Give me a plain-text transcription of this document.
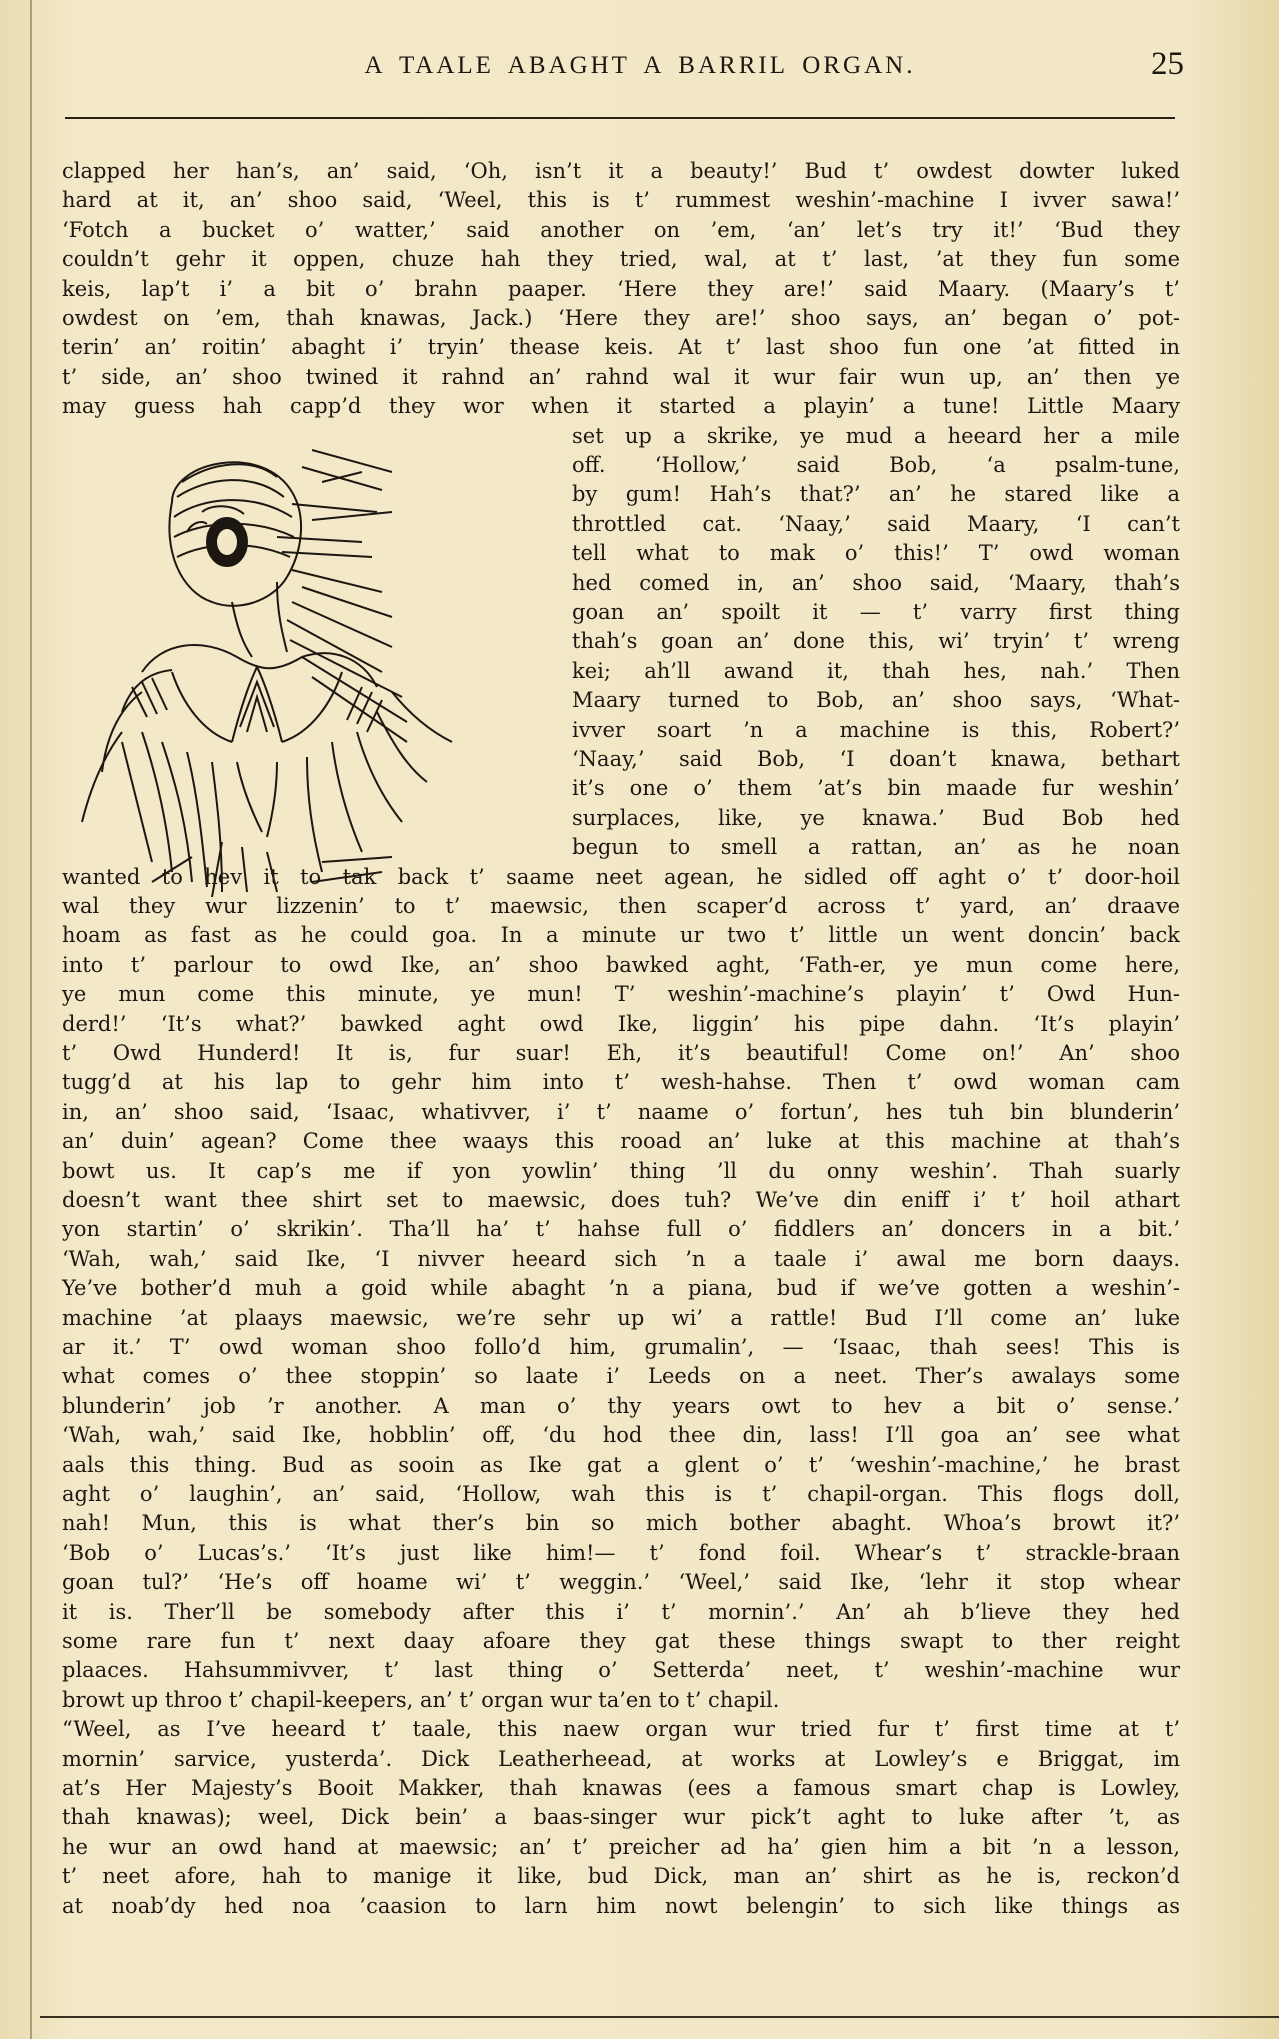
A TAALE ABAGHT A BARRIL ORGAN.	25
clapped her han’s, an’ said, ‘Oh, isn’t it a beauty!’ Bud t’ owdest dowter luked
hard at it, an’ shoo said, ‘Weel, this is t’ rummest weshin’-machine I ivver sawa!’
‘Fotch a bucket o’ watter,’ said another on ’em, ‘an’ let’s try it!’ ‘Bud they
couldn’t gehr it oppen, chuze hah they tried, wal, at t’ last, ’at they fun some
keis, lap’t i’ a bit o’ brahn paaper. ‘Here they are!’ said Maary. (Maary’s t’
owdest on ’em, thah knawas, Jack.) ‘Here they are!’ shoo says, an’ began o’ pot-
terin’ an’ roitin’ abaght i’ tryin’ thease keis. At t’ last shoo fun one ’at fitted in
t’ side, an’ shoo twined it rahnd an’ rahnd wal it wur fair wun up, an’ then ye
may guess hah capp’d they wor when it started a playin’ a tune! Little Maary
set up a skrike, ye mud a heeard her a mile
off. ‘Hollow,’ said Bob, ‘a psalm-tune,
by gum! Hah’s that?’ an’ he stared like a
throttled cat. ‘Naay,’ said Maary, ‘I can’t
tell what to mak o’ this!’ T’ owd woman
hed comed in, an’ shoo said, ‘Maary, thah’s
goan an’ spoilt it — t’ varry first thing
thah’s goan an’ done this, wi’ tryin’ t’ wreng
kei; ah’ll awand it, thah hes, nah.’ Then
Maary turned to Bob, an’ shoo says, ‘What-
ivver soart ’n a machine is this, Robert?’
‘Naay,’ said Bob, ‘I doan’t knawa, bethart
it’s one o’ them ’at’s bin maade fur weshin’
surplaces, like, ye knawa.’ Bud Bob hed
begun to smell a rattan, an’ as he noan
wanted to hev it to tak back t’ saame neet agean, he sidled off aght o’ t’ door-hoil
wal they wur lizzenin’ to t’ maewsic, then scaper’d across t’ yard, an’ draave
hoam as fast as he could goa. In a minute ur two t’ little un went doncin’ back
into t’ parlour to owd Ike, an’ shoo bawked aght, ‘Fath-er, ye mun come here,
ye mun come this minute, ye mun! T’ weshin’-machine’s playin’ t’ Owd Hun-
derd!’ ‘It’s what?’ bawked aght owd Ike, liggin’ his pipe dahn. ‘It’s playin’
t’ Owd Hunderd! It is, fur suar! Eh, it’s beautiful! Come on!’ An’ shoo
tugg’d at his lap to gehr him into t’ wesh-hahse. Then t’ owd woman cam
in, an’ shoo said, ‘Isaac, whativver, i’ t’ naame o’ fortun’, hes tuh bin blunderin’
an’ duin’ agean? Come thee waays this rooad an’ luke at this machine at thah’s
bowt us. It cap’s me if yon yowlin’ thing ’ll du onny weshin’. Thah suarly
doesn’t want thee shirt set to maewsic, does tuh? We’ve din eniff i’ t’ hoil athart
yon startin’ o’ skrikin’. Tha’ll ha’ t’ hahse full o’ fiddlers an’ doncers in a bit.’
‘Wah, wah,’ said Ike, ‘I nivver heeard sich ’n a taale i’ awal me born daays.
Ye’ve bother’d muh a goid while abaght ’n a piana, bud if we’ve gotten a weshin’-
machine ’at plaays maewsic, we’re sehr up wi’ a rattle! Bud I’ll come an’ luke
ar it.’ T’ owd woman shoo follo’d him, grumalin’, — ‘Isaac, thah sees! This is
what comes o’ thee stoppin’ so laate i’ Leeds on a neet. Ther’s awalays some
blunderin’ job ’r another. A man o’ thy years owt to hev a bit o’ sense.’
‘Wah, wah,’ said Ike, hobblin’ off, ‘du hod thee din, lass! I’ll goa an’ see what
aals this thing. Bud as sooin as Ike gat a glent o’ t’ ‘weshin’-machine,’ he brast
aght o’ laughin’, an’ said, ‘Hollow, wah this is t’ chapil-organ. This flogs doll,
nah! Mun, this is what ther’s bin so mich bother abaght. Whoa’s browt it?’
‘Bob o’ Lucas’s.’ ‘It’s just like him!— t’ fond foil. Whear’s t’ strackle-braan
goan tul?’ ‘He’s off hoame wi’ t’ weggin.’ ‘Weel,’ said Ike, ‘lehr it stop whear
it is. Ther’ll be somebody after this i’ t’ mornin’.’ An’ ah b’lieve they hed
some rare fun t’ next daay afoare they gat these things swapt to ther reight
plaaces. Hahsummivver, t’ last thing o’ Setterda’ neet, t’ weshin’-machine wur
browt up throo t’ chapil-keepers, an’ t’ organ wur ta’en to t’ chapil.
“Weel, as I’ve heeard t’ taale, this naew organ wur tried fur t’ first time at t’
mornin’ sarvice, yusterda’. Dick Leatherheead, at works at Lowley’s e Briggat, im
at’s Her Majesty’s Booit Makker, thah knawas (ees a famous smart chap is Lowley,
thah knawas); weel, Dick bein’ a baas-singer wur pick’t aght to luke after ’t, as
he wur an owd hand at maewsic; an’ t’ preicher ad ha’ gien him a bit ’n a lesson,
t’ neet afore, hah to manige it like, bud Dick, man an’ shirt as he is, reckon’d
at noab’dy hed noa ’caasion to larn him nowt belengin’ to sich like things as
